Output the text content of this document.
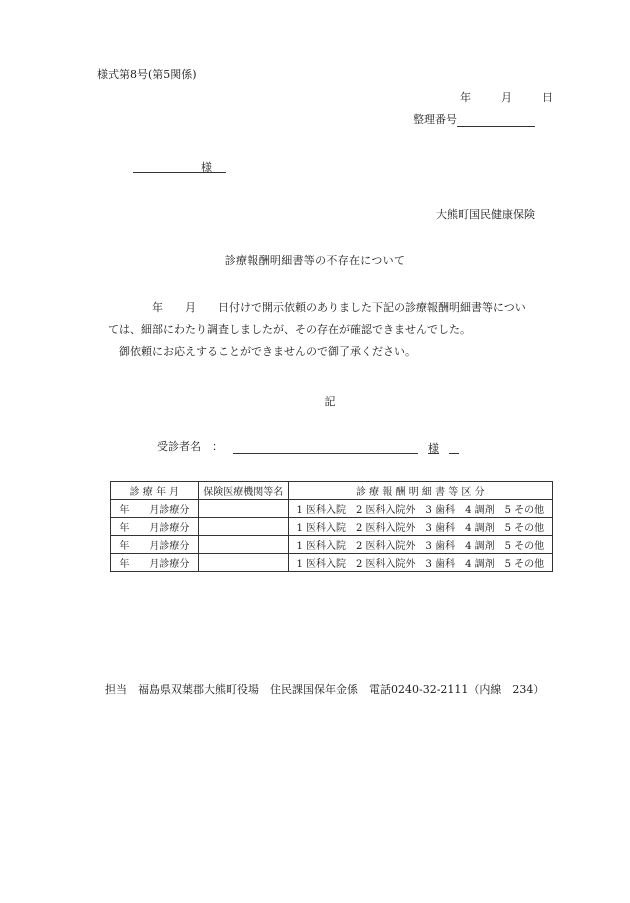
様式第8号(第5関係)
年	月	日
整理番号
様
大熊町国民健康保険
診療報酬明細書等の不存在について

　　　　年　　月　　日付けで開示依頼のありました下記の診療報酬明細書等につい

ては、細部にわたり調査しましたが、その存在が確認できませんでした。

　御依頼にお応えすることができませんので御了承ください。

記
受診者名　：	様
診 療 年 月	保険医療機関等名	診 療 報 酬 明 細 書 等 区 分
年　　月診療分		1 医科入院 2 医科入院外 3 歯科 4 調剤 5 その他
年　　月診療分		1 医科入院 2 医科入院外 3 歯科 4 調剤 5 その他
年　　月診療分		1 医科入院 2 医科入院外 3 歯科 4 調剤 5 その他
年　　月診療分		1 医科入院 2 医科入院外 3 歯科 4 調剤 5 その他
担当　福島県双葉郡大熊町役場　住民課国保年金係　電話0240-32-2111（内線　234）
